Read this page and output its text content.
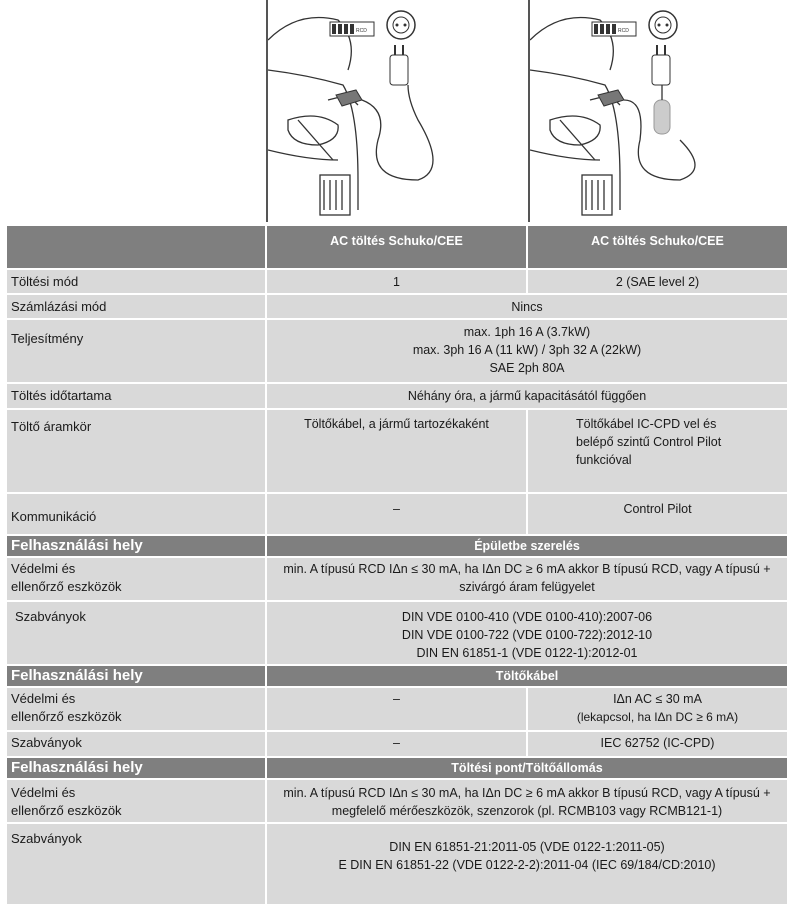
RCD	RCD
	AC töltés Schuko/CEE	AC töltés Schuko/CEE
Töltési mód	1	2 (SAE level 2)
Számlázási mód	Nincs	
Teljesítmény	max. 1ph 16 A (3.7kW)
max. 3ph 16 A (11 kW) / 3ph 32 A (22kW)
SAE 2ph 80A	

Töltés időtartama	Néhány óra, a jármű kapacitásától függően	
Töltő áramkör	Töltőkábel, a jármű tartozékaként	Töltőkábel IC-CPD vel és
belépő szintű Control Pilot
funkcióval

Kommunikáció	–	Control Pilot
Felhasználási hely	Épületbe szerelés	

Védelmi és
ellenőrző eszközök	min. A típusú RCD IΔn ≤ 30 mA, ha IΔn DC ≥ 6 mA akkor B típusú RCD, vagy A típusú +
szivárgó áram felügyelet	

Szabványok	DIN VDE 0100-410 (VDE 0100-410):2007-06
DIN VDE 0100-722 (VDE 0100-722):2012-10
DIN EN 61851-1 (VDE 0122-1):2012-01	

Felhasználási hely	Töltőkábel	

Védelmi és
ellenőrző eszközök	–	IΔn AC ≤ 30 mA
(lekapcsol, ha IΔn DC ≥ 6 mA)

Szabványok	–	IEC 62752 (IC-CPD)
Felhasználási hely	Töltési pont/Töltőállomás	

Védelmi és
ellenőrző eszközök	min. A típusú RCD IΔn ≤ 30 mA, ha IΔn DC ≥ 6 mA akkor B típusú RCD, vagy A típusú +
megfelelő mérőeszközök, szenzorok (pl. RCMB103 vagy RCMB121-1)	

Szabványok	DIN EN 61851-21:2011-05 (VDE 0122-1:2011-05)
E DIN EN 61851-22 (VDE 0122-2-2):2011-04 (IEC 69/184/CD:2010)	
